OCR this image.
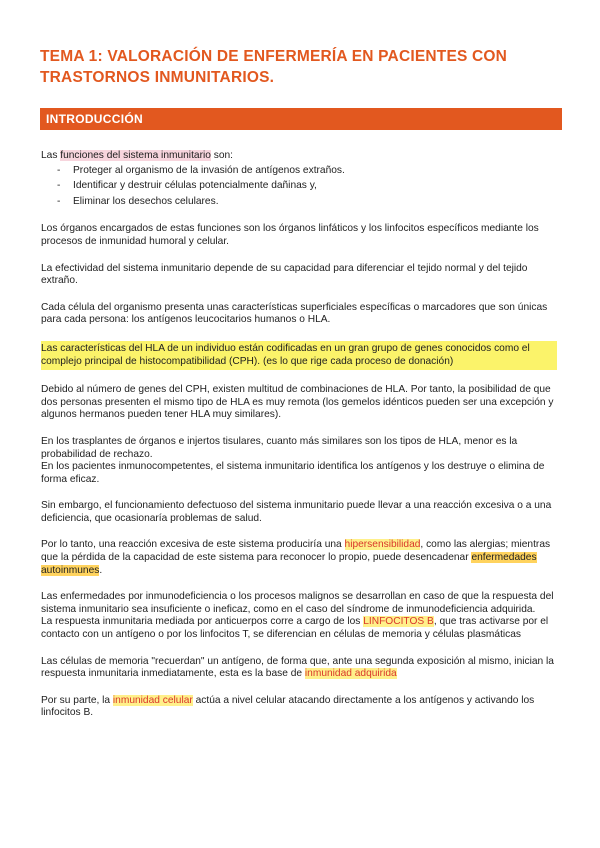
TEMA 1: VALORACIÓN DE ENFERMERÍA EN PACIENTES CON TRASTORNOS INMUNITARIOS.
INTRODUCCIÓN

Las funciones del sistema inmunitario son:

- Proteger al organismo de la invasión de antígenos extraños.
- Identificar y destruir células potencialmente dañinas y,
- Eliminar los desechos celulares.

Los órganos encargados de estas funciones son los órganos linfáticos y los linfocitos específicos mediante los procesos de inmunidad humoral y celular.

La efectividad del sistema inmunitario depende de su capacidad para diferenciar el tejido normal y del tejido extraño.

Cada célula del organismo presenta unas características superficiales específicas o marcadores que son únicas para cada persona: los antígenos leucocitarios humanos o HLA.

Las características del HLA de un individuo están codificadas en un gran grupo de genes conocidos como el complejo principal de histocompatibilidad (CPH). (es lo que rige cada proceso de donación)

Debido al número de genes del CPH, existen multitud de combinaciones de HLA. Por tanto, la posibilidad de que dos personas presenten el mismo tipo de HLA es muy remota (los gemelos idénticos pueden ser una excepción y algunos hermanos pueden tener HLA muy similares).

En los trasplantes de órganos e injertos tisulares, cuanto más similares son los tipos de HLA, menor es la probabilidad de rechazo.

En los pacientes inmunocompetentes, el sistema inmunitario identifica los antígenos y los destruye o elimina de forma eficaz.

Sin embargo, el funcionamiento defectuoso del sistema inmunitario puede llevar a una reacción excesiva o a una deficiencia, que ocasionaría problemas de salud.

Por lo tanto, una reacción excesiva de este sistema produciría una hipersensibilidad, como las alergias; mientras que la pérdida de la capacidad de este sistema para reconocer lo propio, puede desencadenar enfermedades autoinmunes.

Las enfermedades por inmunodeficiencia o los procesos malignos se desarrollan en caso de que la respuesta del sistema inmunitario sea insuficiente o ineficaz, como en el caso del síndrome de inmunodeficiencia adquirida.

La respuesta inmunitaria mediada por anticuerpos corre a cargo de los LINFOCITOS B, que tras activarse por el contacto con un antígeno o por los linfocitos T, se diferencian en células de memoria y células plasmáticas

Las células de memoria "recuerdan" un antígeno, de forma que, ante una segunda exposición al mismo, inician la respuesta inmunitaria inmediatamente, esta es la base de inmunidad adquirida

Por su parte, la inmunidad celular actúa a nivel celular atacando directamente a los antígenos y activando los linfocitos B.
